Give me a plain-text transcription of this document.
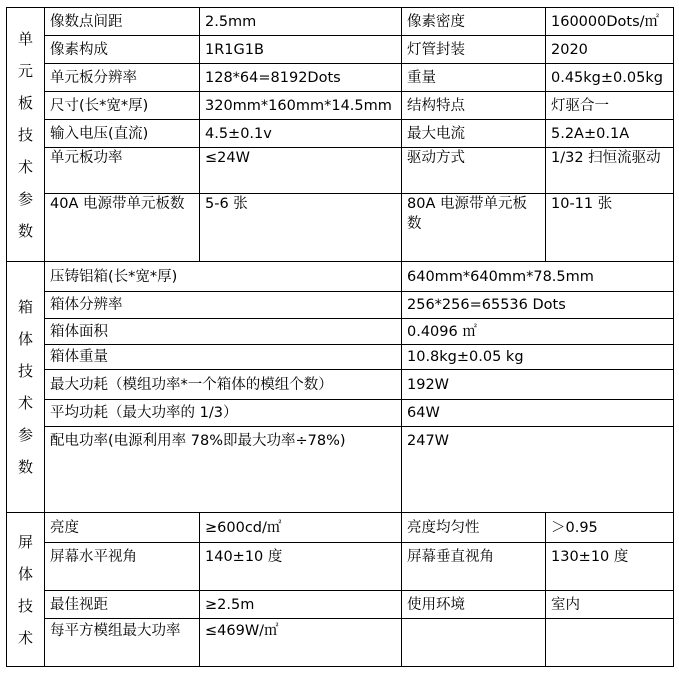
单元板技术参数	像数点间距	2.5mm	像素密度	160000Dots/㎡
	像素构成	1R1G1B	灯管封装	2020
	单元板分辨率	128*64=8192Dots	重量	0.45kg±0.05kg
	尺寸(长*宽*厚)	320mm*160mm*14.5mm	结构特点	灯驱合一
	输入电压(直流)	4.5±0.1v	最大电流	5.2A±0.1A
	单元板功率	≤24W	驱动方式	1/32 扫恒流驱动
	40A 电源带单元板数	5-6 张	80A 电源带单元板数	10-11 张
箱体技术参数	压铸铝箱(长*宽*厚)		640mm*640mm*78.5mm	
	箱体分辨率		256*256=65536 Dots	
	箱体面积		0.4096 ㎡	
	箱体重量		10.8kg±0.05 kg	
	最大功耗（模组功率*一个箱体的模组个数）		192W	
	平均功耗（最大功率的 1/3）		64W	
	配电功率(电源利用率 78%即最大功率÷78%)		247W	
屏体技术	亮度	≥600cd/㎡	亮度均匀性	＞0.95
	屏幕水平视角	140±10 度	屏幕垂直视角	130±10 度
	最佳视距	≥2.5m	使用环境	室内
	每平方模组最大功率	≤469W/㎡		
